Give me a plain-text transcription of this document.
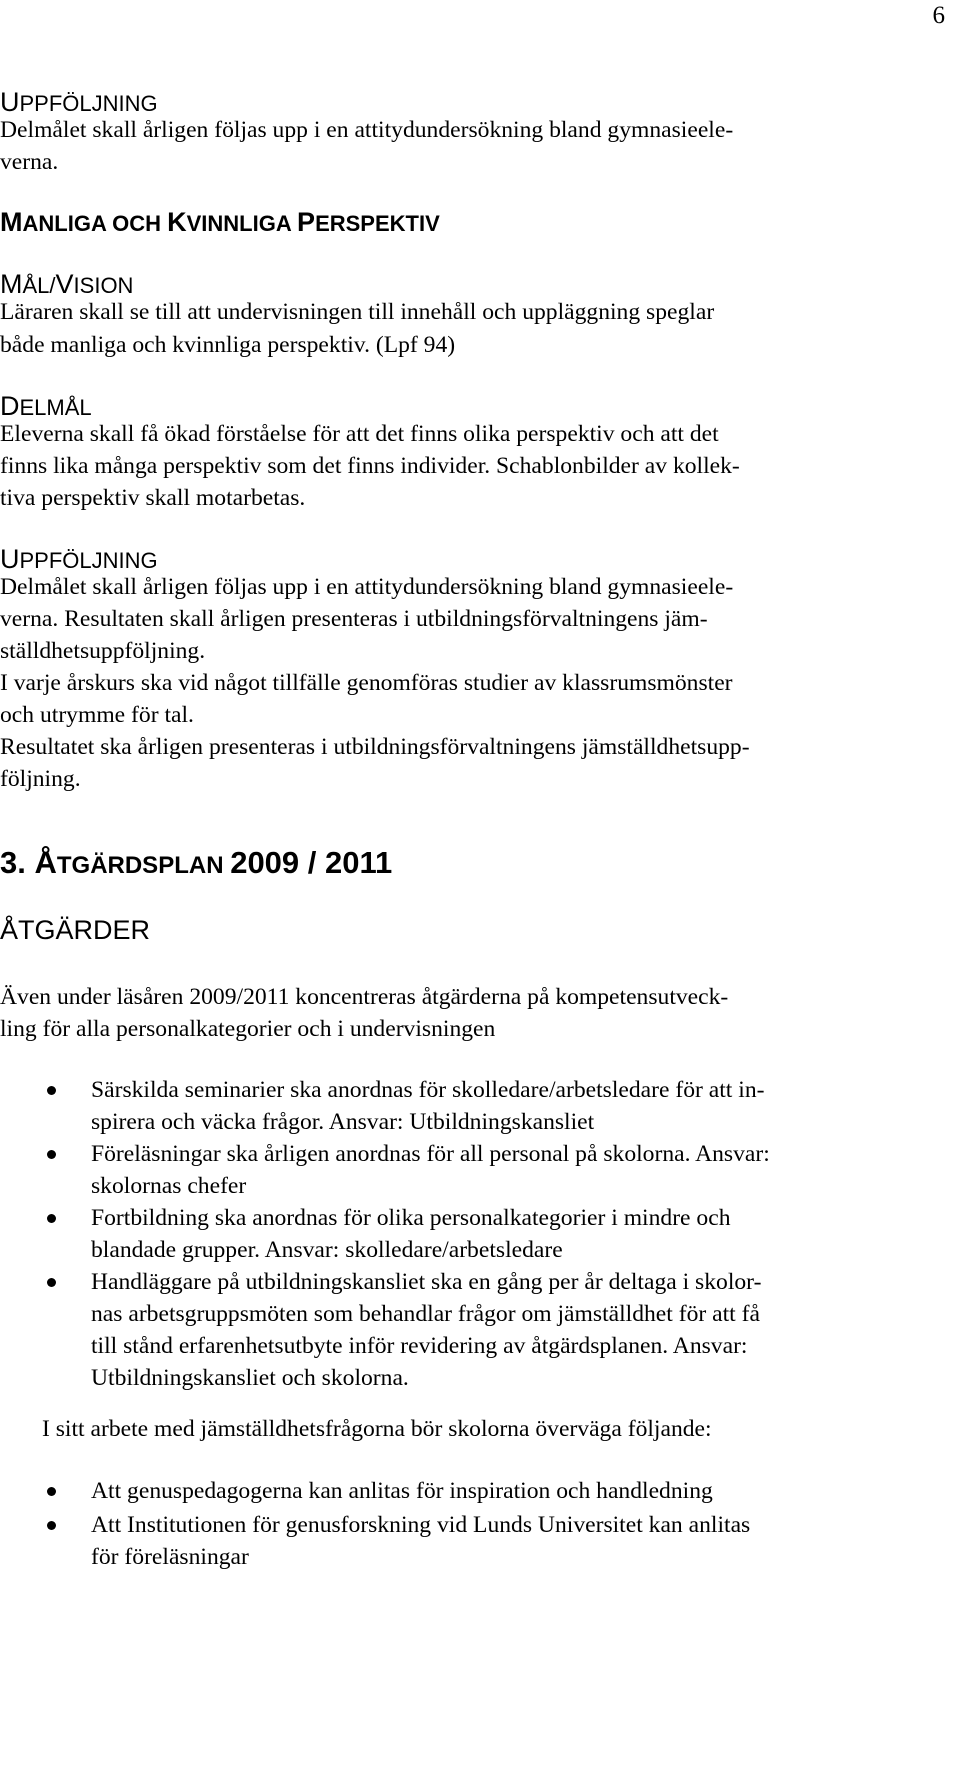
6
UPPFÖLJNING
Delmålet skall årligen följas upp i en attitydundersökning bland gymnasieele-
verna.
MANLIGA OCH KVINNLIGA PERSPEKTIV
MÅL/VISION
Läraren skall se till att undervisningen till innehåll och uppläggning speglar
både manliga och kvinnliga perspektiv. (Lpf 94)
DELMÅL
Eleverna skall få ökad förståelse för att det finns olika perspektiv och att det
finns lika många perspektiv som det finns individer. Schablonbilder av kollek-
tiva perspektiv skall motarbetas.
UPPFÖLJNING
Delmålet skall årligen följas upp i en attitydundersökning bland gymnasieele-
verna. Resultaten skall årligen presenteras i utbildningsförvaltningens jäm-
ställdhetsuppföljning.
I varje årskurs ska vid något tillfälle genomföras studier av klassrumsmönster
och utrymme för tal.
Resultatet ska årligen presenteras i utbildningsförvaltningens jämställdhetsupp-
följning.
3. ÅTGÄRDSPLAN 2009 / 2011
ÅTGÄRDER
Även under läsåren 2009/2011 koncentreras åtgärderna på kompetensutveck-
ling för alla personalkategorier och i undervisningen
Särskilda seminarier ska anordnas för skolledare/arbetsledare för att in-
spirera och väcka frågor. Ansvar: Utbildningskansliet
Föreläsningar ska årligen anordnas för all personal på skolorna. Ansvar:
skolornas chefer
Fortbildning ska anordnas för olika personalkategorier i mindre och
blandade grupper. Ansvar: skolledare/arbetsledare
Handläggare på utbildningskansliet ska en gång per år deltaga i skolor-
nas arbetsgruppsmöten som behandlar frågor om jämställdhet för att få
till stånd erfarenhetsutbyte inför revidering av åtgärdsplanen. Ansvar:
Utbildningskansliet och skolorna.
I sitt arbete med jämställdhetsfrågorna bör skolorna överväga följande:
Att genuspedagogerna kan anlitas för inspiration och handledning
Att Institutionen för genusforskning vid Lunds Universitet kan anlitas
för föreläsningar
